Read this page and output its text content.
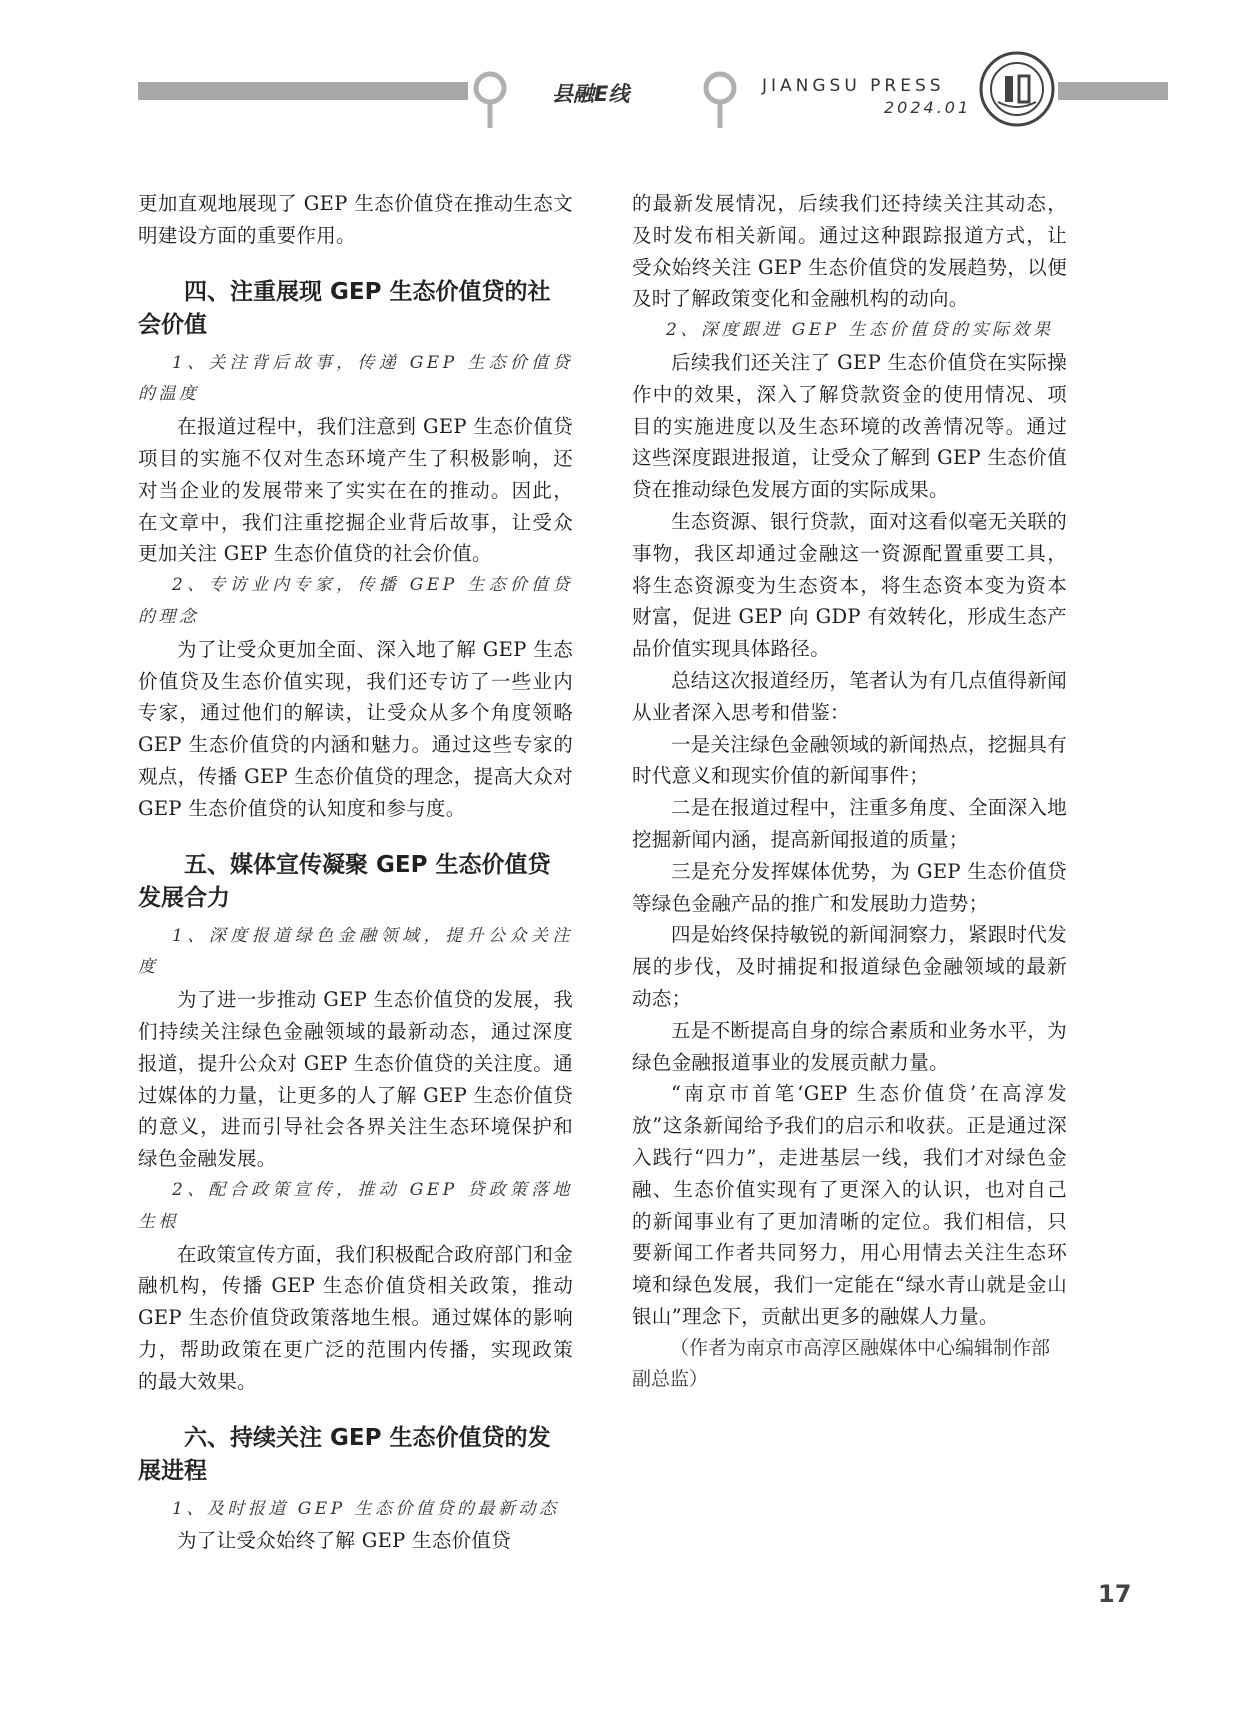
县融E线	JIANGSU PRESS
2024.01

更加直观地展现了 GEP 生态价值贷在推动生态文明建设方面的重要作用。

四、注重展现 GEP 生态价值贷的社会价值

1、关注背后故事，传递 GEP 生态价值贷的温度

在报道过程中，我们注意到 GEP 生态价值贷项目的实施不仅对生态环境产生了积极影响，还对当企业的发展带来了实实在在的推动。因此，在文章中，我们注重挖掘企业背后故事，让受众更加关注 GEP 生态价值贷的社会价值。

2、专访业内专家，传播 GEP 生态价值贷的理念

为了让受众更加全面、深入地了解 GEP 生态价值贷及生态价值实现，我们还专访了一些业内专家，通过他们的解读，让受众从多个角度领略 GEP 生态价值贷的内涵和魅力。通过这些专家的观点，传播 GEP 生态价值贷的理念，提高大众对 GEP 生态价值贷的认知度和参与度。

五、媒体宣传凝聚 GEP 生态价值贷发展合力

1、深度报道绿色金融领域，提升公众关注度

为了进一步推动 GEP 生态价值贷的发展，我们持续关注绿色金融领域的最新动态，通过深度报道，提升公众对 GEP 生态价值贷的关注度。通过媒体的力量，让更多的人了解 GEP 生态价值贷的意义，进而引导社会各界关注生态环境保护和绿色金融发展。

2、配合政策宣传，推动 GEP 贷政策落地生根

在政策宣传方面，我们积极配合政府部门和金融机构，传播 GEP 生态价值贷相关政策，推动 GEP 生态价值贷政策落地生根。通过媒体的影响力，帮助政策在更广泛的范围内传播，实现政策的最大效果。

六、持续关注 GEP 生态价值贷的发展进程

1、及时报道 GEP 生态价值贷的最新动态

为了让受众始终了解 GEP 生态价值贷

的最新发展情况，后续我们还持续关注其动态，及时发布相关新闻。通过这种跟踪报道方式，让受众始终关注 GEP 生态价值贷的发展趋势，以便及时了解政策变化和金融机构的动向。

2、深度跟进 GEP 生态价值贷的实际效果

后续我们还关注了 GEP 生态价值贷在实际操作中的效果，深入了解贷款资金的使用情况、项目的实施进度以及生态环境的改善情况等。通过这些深度跟进报道，让受众了解到 GEP 生态价值贷在推动绿色发展方面的实际成果。

生态资源、银行贷款，面对这看似毫无关联的事物，我区却通过金融这一资源配置重要工具，将生态资源变为生态资本，将生态资本变为资本财富，促进 GEP 向 GDP 有效转化，形成生态产品价值实现具体路径。

总结这次报道经历，笔者认为有几点值得新闻从业者深入思考和借鉴：

一是关注绿色金融领域的新闻热点，挖掘具有时代意义和现实价值的新闻事件；

二是在报道过程中，注重多角度、全面深入地挖掘新闻内涵，提高新闻报道的质量；

三是充分发挥媒体优势，为 GEP 生态价值贷等绿色金融产品的推广和发展助力造势；

四是始终保持敏锐的新闻洞察力，紧跟时代发展的步伐，及时捕捉和报道绿色金融领域的最新动态；

五是不断提高自身的综合素质和业务水平，为绿色金融报道事业的发展贡献力量。

“南京市首笔‘GEP 生态价值贷’在高淳发放”这条新闻给予我们的启示和收获。正是通过深入践行“四力”，走进基层一线，我们才对绿色金融、生态价值实现有了更深入的认识，也对自己的新闻事业有了更加清晰的定位。我们相信，只要新闻工作者共同努力，用心用情去关注生态环境和绿色发展，我们一定能在“绿水青山就是金山银山”理念下，贡献出更多的融媒人力量。

（作者为南京市高淳区融媒体中心编辑制作部副总监）

17
